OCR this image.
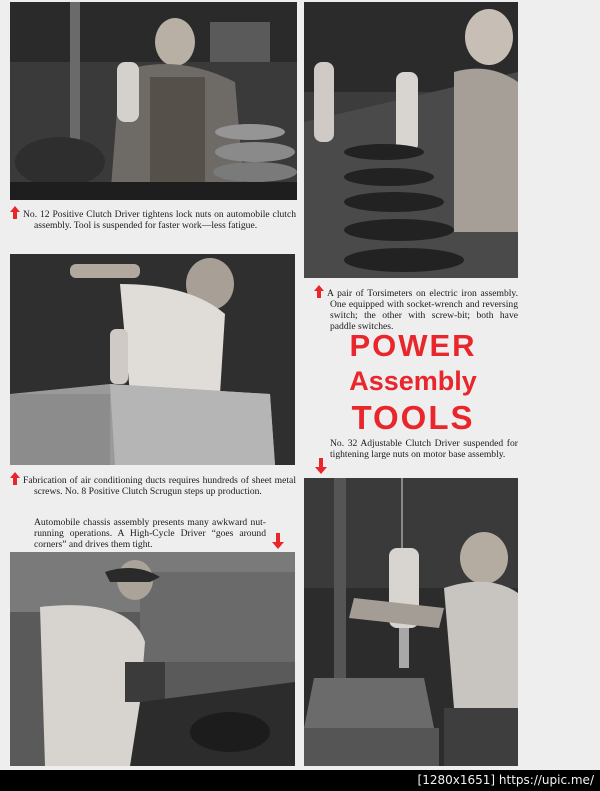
No. 12 Positive Clutch Driver tightens lock nuts on automobile clutch assembly. Tool is suspended for faster work—less fatigue.
A pair of Torsimeters on electric iron assembly. One equipped with socket-wrench and reversing switch; the other with screw-bit; both have paddle switches.
POWER
Assembly
TOOLS
Fabrication of air conditioning ducts requires hundreds of sheet metal screws. No. 8 Positive Clutch Scrugun steps up production.
Automobile chassis assembly presents many awkward nut-running operations. A High-Cycle Driver “goes around corners” and drives them tight.
No. 32 Adjustable Clutch Driver suspended for tightening large nuts on motor base assembly.
[1280x1651] https://upic.me/
